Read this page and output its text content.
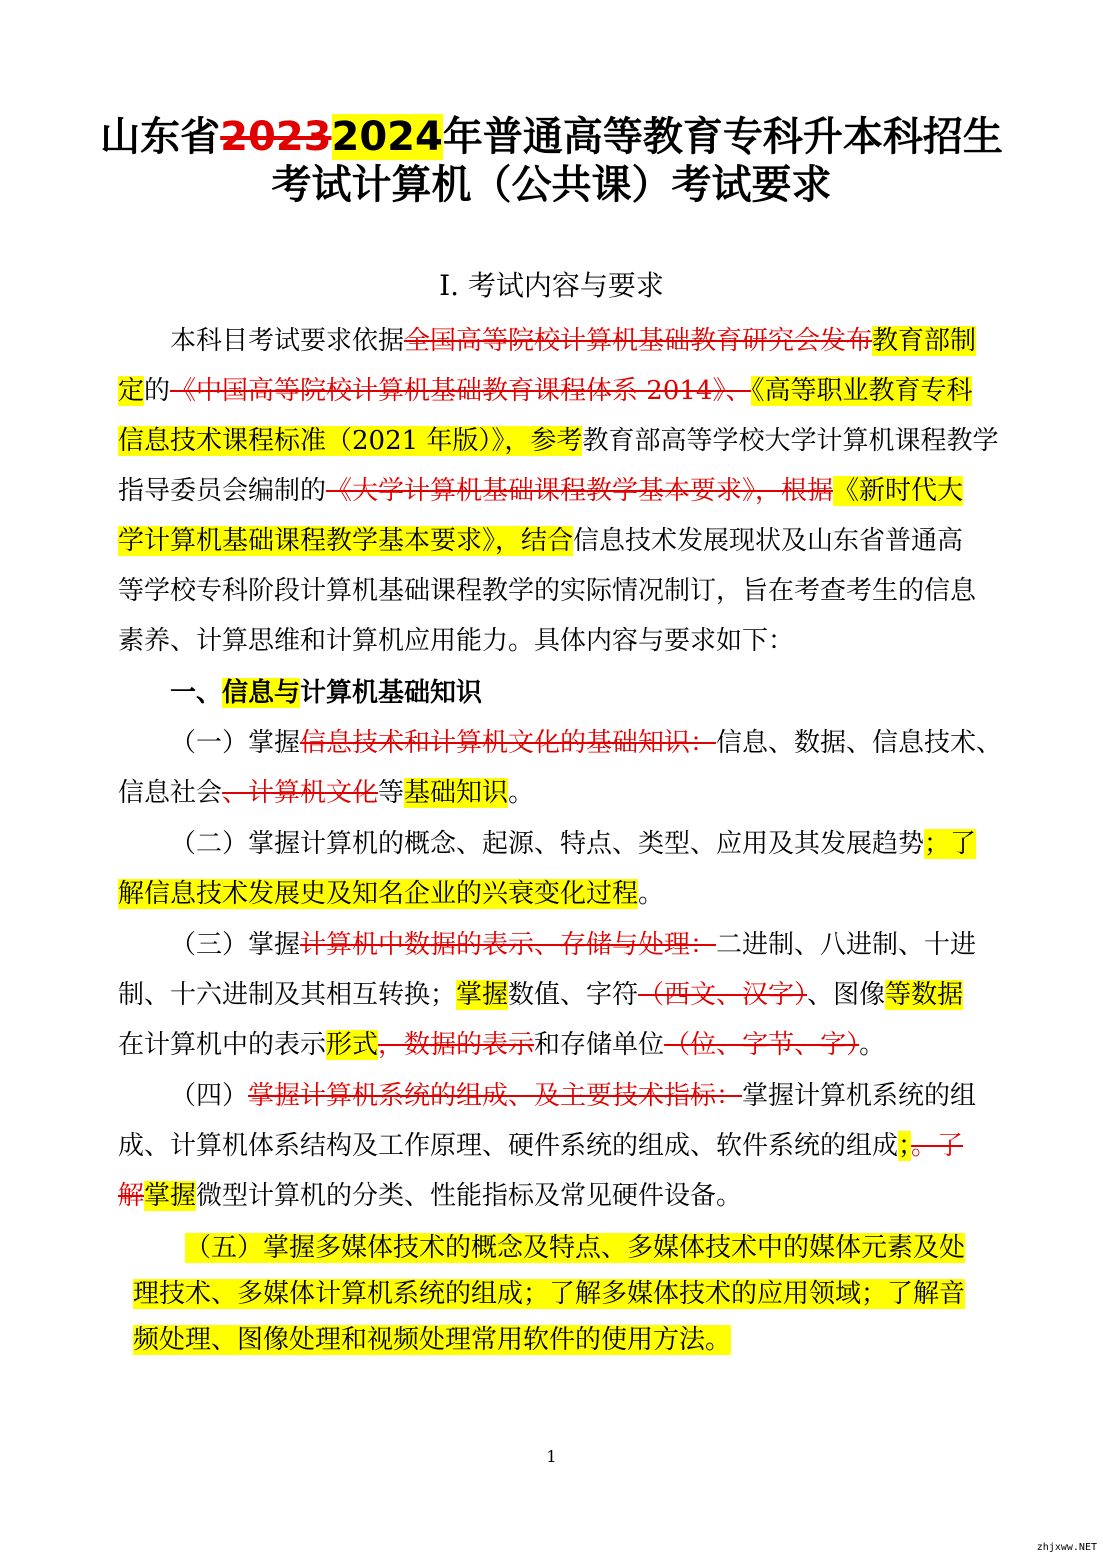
山东省20232024年普通高等教育专科升本科招生
考试计算机（公共课）考试要求
I. 考试内容与要求
本科目考试要求依据全国高等院校计算机基础教育研究会发布教育部制
定的《中国高等院校计算机基础教育课程体系 2014》、《高等职业教育专科
信息技术课程标准（2021 年版）》，参考教育部高等学校大学计算机课程教学
指导委员会编制的《大学计算机基础课程教学基本要求》，根据《新时代大
学计算机基础课程教学基本要求》，结合信息技术发展现状及山东省普通高
等学校专科阶段计算机基础课程教学的实际情况制订，旨在考查考生的信息
素养、计算思维和计算机应用能力。具体内容与要求如下：
一、信息与计算机基础知识
（一）掌握信息技术和计算机文化的基础知识：信息、数据、信息技术、
信息社会、计算机文化等基础知识。
（二）掌握计算机的概念、起源、特点、类型、应用及其发展趋势；了
解信息技术发展史及知名企业的兴衰变化过程。
（三）掌握计算机中数据的表示、存储与处理：二进制、八进制、十进
制、十六进制及其相互转换；掌握数值、字符（西文、汉字）、图像等数据
在计算机中的表示形式，数据的表示和存储单位（位、字节、字）。
（四）掌握计算机系统的组成、及主要技术指标：掌握计算机系统的组
成、计算机体系结构及工作原理、硬件系统的组成、软件系统的组成；。了
解掌握微型计算机的分类、性能指标及常见硬件设备。
（五）掌握多媒体技术的概念及特点、多媒体技术中的媒体元素及处
理技术、多媒体计算机系统的组成；了解多媒体技术的应用领域；了解音
频处理、图像处理和视频处理常用软件的使用方法。
1
zhjxww.NET
